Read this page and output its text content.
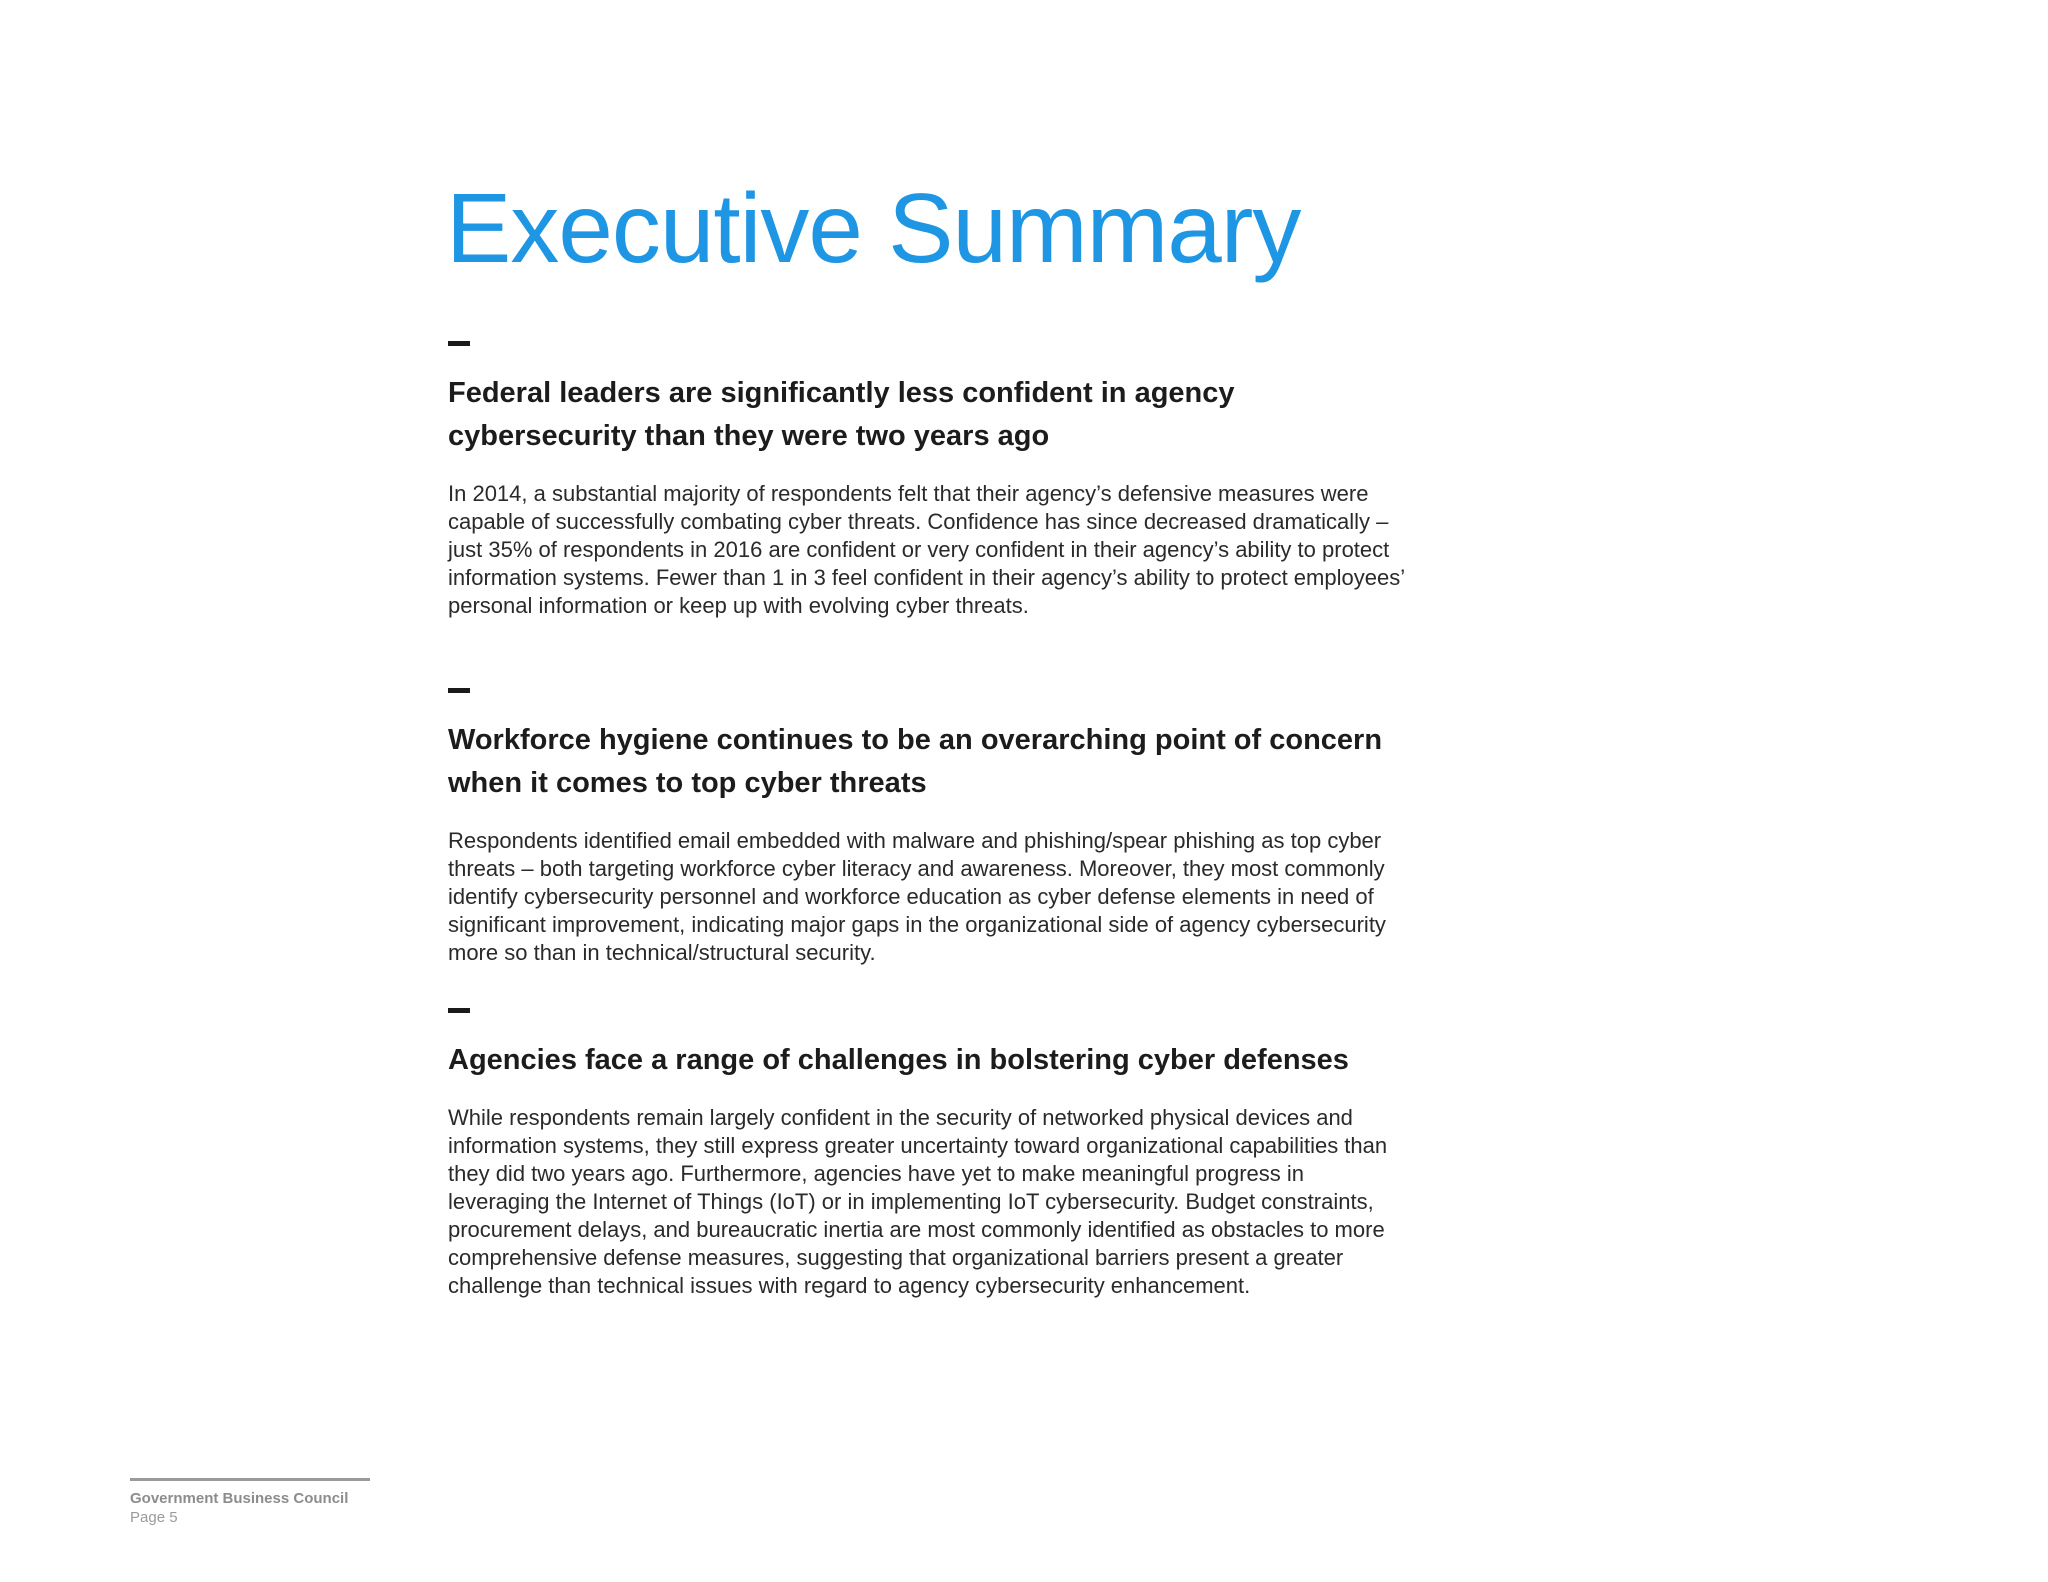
Executive Summary
Federal leaders are significantly less confident in agency cybersecurity than they were two years ago

In 2014, a substantial majority of respondents felt that their agency’s defensive measures were capable of successfully combating cyber threats. Confidence has since decreased dramatically – just 35% of respondents in 2016 are confident or very confident in their agency’s ability to protect information systems. Fewer than 1 in 3 feel confident in their agency’s ability to protect employees’ personal information or keep up with evolving cyber threats.

Workforce hygiene continues to be an overarching point of concern when it comes to top cyber threats

Respondents identified email embedded with malware and phishing/spear phishing as top cyber threats – both targeting workforce cyber literacy and awareness. Moreover, they most commonly identify cybersecurity personnel and workforce education as cyber defense elements in need of significant improvement, indicating major gaps in the organizational side of agency cybersecurity more so than in technical/structural security.

Agencies face a range of challenges in bolstering cyber defenses

While respondents remain largely confident in the security of networked physical devices and information systems, they still express greater uncertainty toward organizational capabilities than they did two years ago. Furthermore, agencies have yet to make meaningful progress in leveraging the Internet of Things (IoT) or in implementing IoT cybersecurity. Budget constraints, procurement delays, and bureaucratic inertia are most commonly identified as obstacles to more comprehensive defense measures, suggesting that organizational barriers present a greater challenge than technical issues with regard to agency cybersecurity enhancement.

Government Business Council
Page 5
